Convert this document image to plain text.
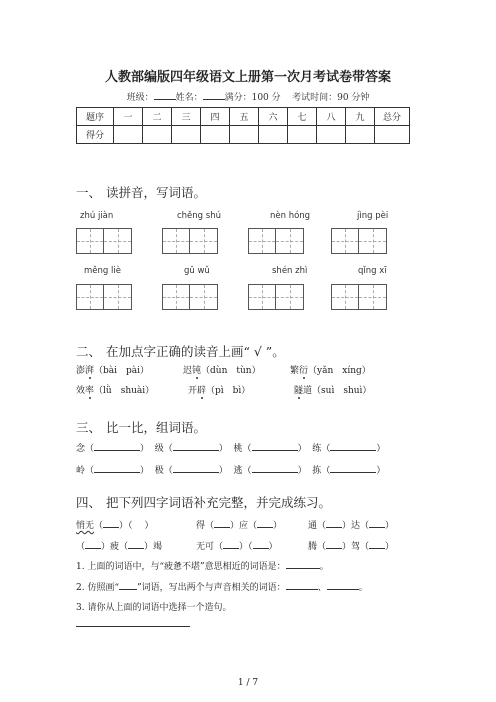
人教部编版四年级语文上册第一次月考试卷带答案
班级： 姓名： 满分：100 分 考试时间：90 分钟
题序	一	二	三	四	五	六	七	八	九	总分
得分										
一、 读拼音，写词语。
zhú jiàn	chěng shú	nèn hóng	jìng pèi
měng liè	gǔ wǔ	shén zhì	qǐng xī
二、 在加点字正确的读音上画“ √ ”。
澎湃（bài　pài）	迟钝（dùn　tùn）	繁衍（yǎn　xíng）
效率（lǜ　shuài）	开辟（pì　bì）	隧道（suì　shuì）
三、 比一比，组词语。
念（	）  级（	）  桃（	）  练（	）
岭（	）  极（	）  逃（	）  拣（	）
四、 把下列四字词语补充完整，并完成练习。
悄无（ ）（ ）	得（ ）应（ ）	通（ ）达（ ）
（ ）疲（ ）竭	无可（ ）（ ）	腾（ ）驾（ ）
1. 上面的词语中，与“疲惫不堪”意思相近的词语是：	。
2. 仿照画“ ”词语，写出两个与声音相关的词语：	、	。
3. 请你从上面的词语中选择一个造句。
1 / 7
